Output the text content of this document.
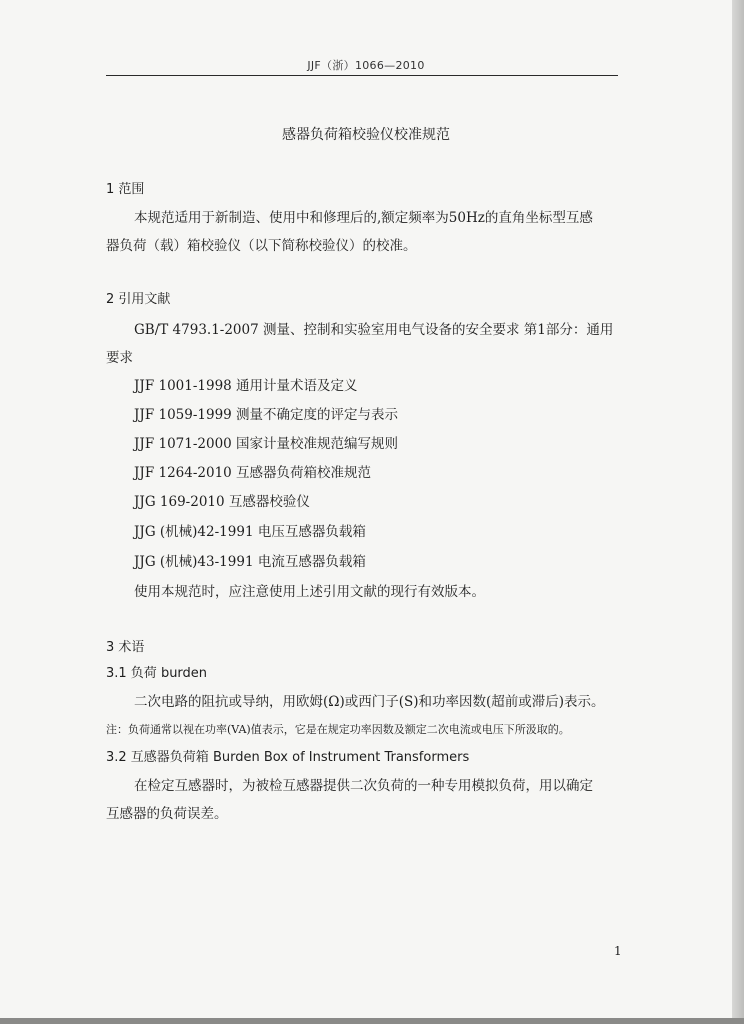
JJF（浙）1066—2010
感器负荷箱校验仪校准规范
1 范围
本规范适用于新制造、使用中和修理后的,额定频率为50Hz的直角坐标型互感
器负荷（载）箱校验仪（以下简称校验仪）的校准。
2 引用文献
GB/T 4793.1-2007 测量、控制和实验室用电气设备的安全要求 第1部分：通用
要求
JJF 1001-1998 通用计量术语及定义
JJF 1059-1999 测量不确定度的评定与表示
JJF 1071-2000 国家计量校准规范编写规则
JJF 1264-2010 互感器负荷箱校准规范
JJG 169-2010 互感器校验仪
JJG (机械)42-1991 电压互感器负载箱
JJG (机械)43-1991 电流互感器负载箱
使用本规范时，应注意使用上述引用文献的现行有效版本。
3 术语
3.1 负荷 burden
二次电路的阻抗或导纳，用欧姆(Ω)或西门子(S)和功率因数(超前或滞后)表示。
注：负荷通常以视在功率(VA)值表示，它是在规定功率因数及额定二次电流或电压下所汲取的。
3.2 互感器负荷箱 Burden Box of Instrument Transformers
在检定互感器时，为被检互感器提供二次负荷的一种专用模拟负荷，用以确定
互感器的负荷误差。
1
